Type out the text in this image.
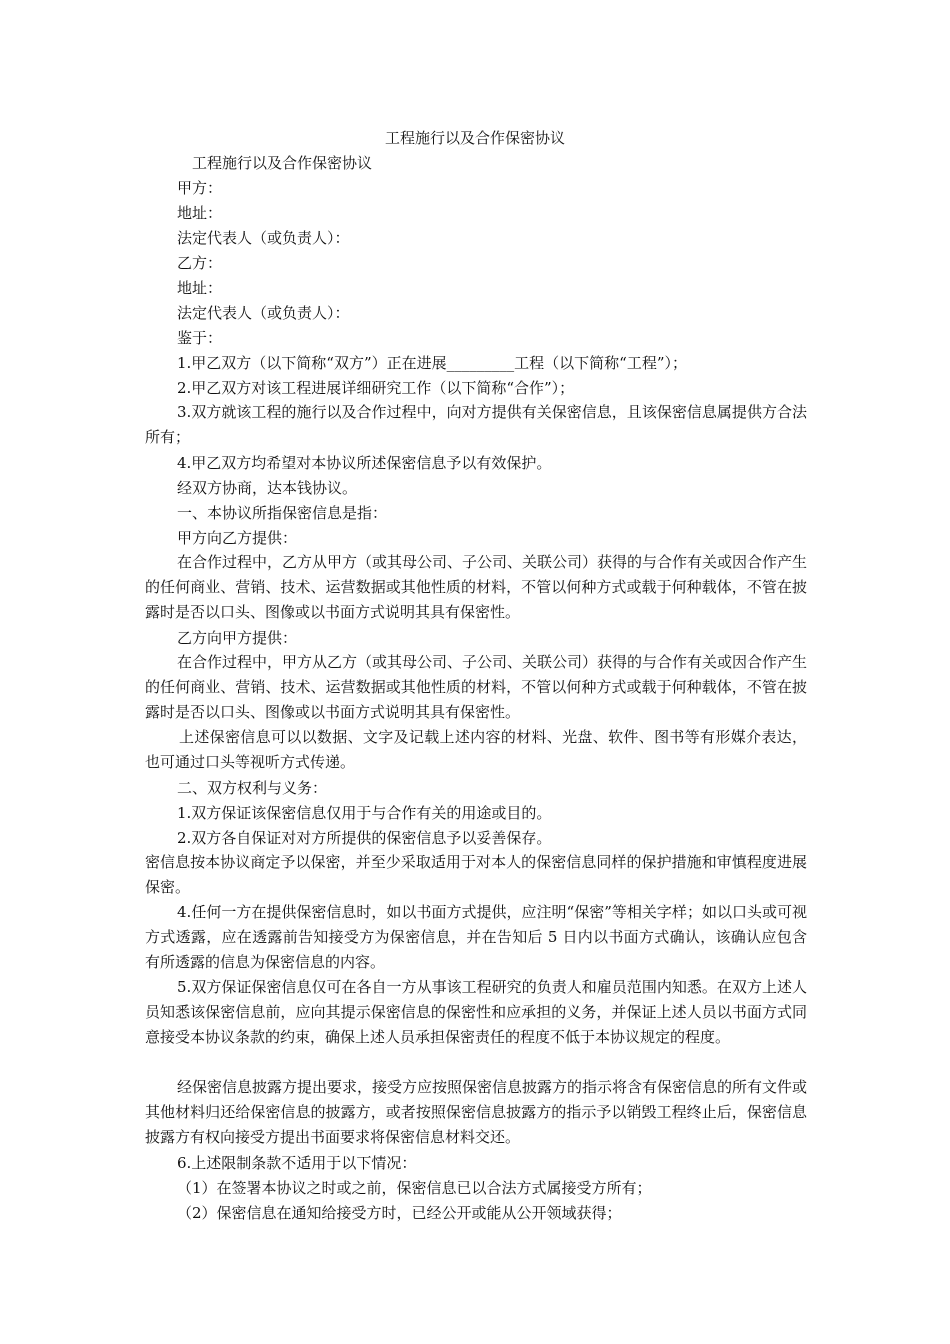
工程施行以及合作保密协议
工程施行以及合作保密协议
甲方：
地址：
法定代表人（或负责人）：
乙方：
地址：
法定代表人（或负责人）：
鉴于：
1.甲乙双方（以下简称“双方”）正在进展_________工程（以下简称“工程”）；
2.甲乙双方对该工程进展详细研究工作（以下简称“合作”）；
3.双方就该工程的施行以及合作过程中，向对方提供有关保密信息，且该保密信息属提供方合法所有；
4.甲乙双方均希望对本协议所述保密信息予以有效保护。
经双方协商，达本钱协议。
一、本协议所指保密信息是指：
甲方向乙方提供：
在合作过程中，乙方从甲方（或其母公司、子公司、关联公司）获得的与合作有关或因合作产生的任何商业、营销、技术、运营数据或其他性质的材料，不管以何种方式或载于何种载体，不管在披露时是否以口头、图像或以书面方式说明其具有保密性。
乙方向甲方提供：
在合作过程中，甲方从乙方（或其母公司、子公司、关联公司）获得的与合作有关或因合作产生的任何商业、营销、技术、运营数据或其他性质的材料，不管以何种方式或载于何种载体，不管在披露时是否以口头、图像或以书面方式说明其具有保密性。
上述保密信息可以以数据、文字及记载上述内容的材料、光盘、软件、图书等有形媒介表达，也可通过口头等视听方式传递。
二、双方权利与义务：
1.双方保证该保密信息仅用于与合作有关的用途或目的。
2.双方各自保证对对方所提供的保密信息予以妥善保存。
密信息按本协议商定予以保密，并至少采取适用于对本人的保密信息同样的保护措施和审慎程度进展保密。
4.任何一方在提供保密信息时，如以书面方式提供，应注明“保密”等相关字样；如以口头或可视方式透露，应在透露前告知接受方为保密信息，并在告知后 5 日内以书面方式确认，该确认应包含有所透露的信息为保密信息的内容。
5.双方保证保密信息仅可在各自一方从事该工程研究的负责人和雇员范围内知悉。在双方上述人员知悉该保密信息前，应向其提示保密信息的保密性和应承担的义务，并保证上述人员以书面方式同意接受本协议条款的约束，确保上述人员承担保密责任的程度不低于本协议规定的程度。
经保密信息披露方提出要求，接受方应按照保密信息披露方的指示将含有保密信息的所有文件或其他材料归还给保密信息的披露方，或者按照保密信息披露方的指示予以销毁工程终止后，保密信息披露方有权向接受方提出书面要求将保密信息材料交还。
6.上述限制条款不适用于以下情况：
（1）在签署本协议之时或之前，保密信息已以合法方式属接受方所有；
（2）保密信息在通知给接受方时，已经公开或能从公开领域获得；
